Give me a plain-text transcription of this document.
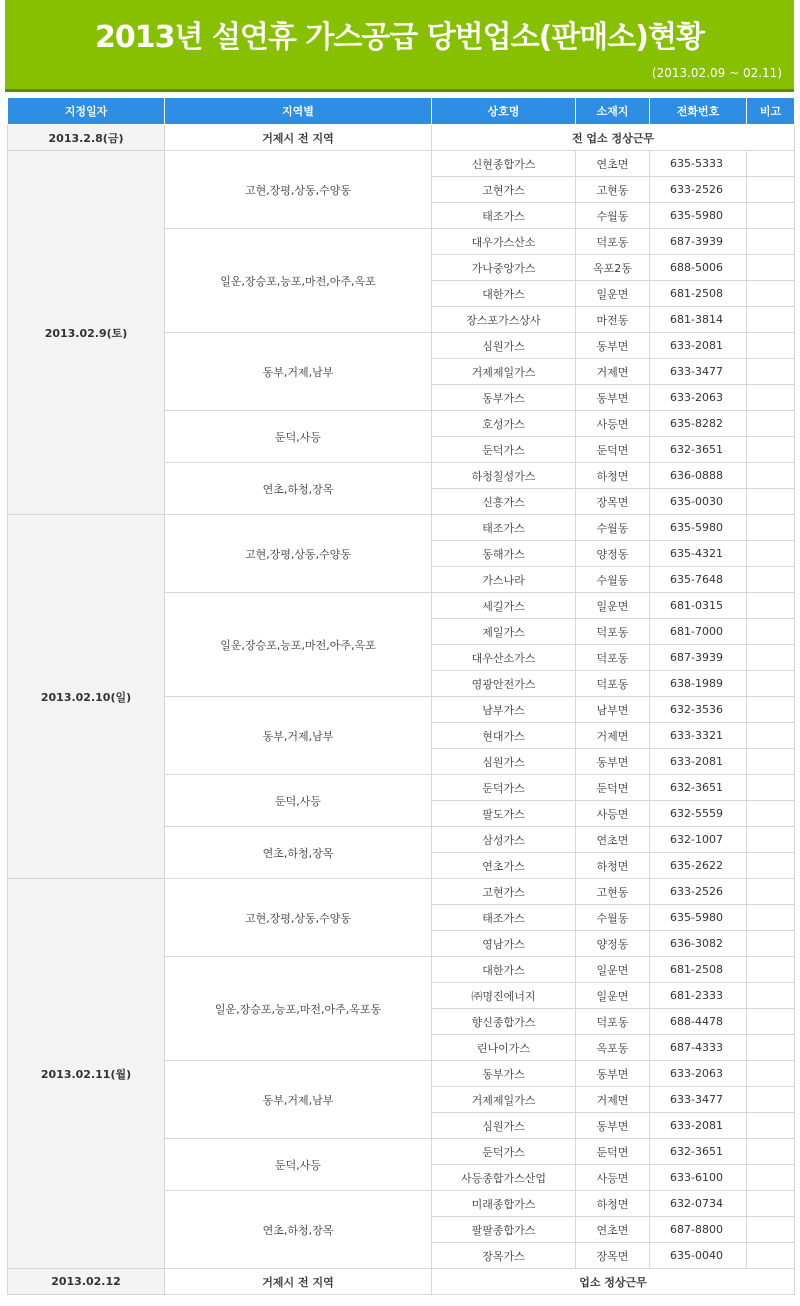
2013년 설연휴 가스공급 당번업소(판매소)현황
(2013.02.09 ~ 02.11)
지정일자	지역별	상호명	소재지	전화번호	비고
2013.2.8(금)	거제시 전 지역	전 업소 정상근무			
2013.02.9(토)	고현,장평,상동,수양동	신현종합가스	연초면	635-5333	
		고현가스	고현동	633-2526	
		태조가스	수월동	635-5980	
	일운,장승포,능포,마전,아주,옥포	대우가스산소	덕포동	687-3939	
		가나중앙가스	옥포2동	688-5006	
		대한가스	일운면	681-2508	
		장스포가스상사	마전동	681-3814	
	동부,거제,남부	심원가스	동부면	633-2081	
		거제제일가스	거제면	633-3477	
		동부가스	동부면	633-2063	
	둔덕,사등	호성가스	사등면	635-8282	
		둔덕가스	둔덕면	632-3651	
	연초,하청,장목	하청칠성가스	하청면	636-0888	
		신흥가스	장목면	635-0030	
2013.02.10(일)	고현,장평,상동,수양동	태조가스	수월동	635-5980	
		동해가스	양정동	635-4321	
		가스나라	수월동	635-7648	
	일운,장승포,능포,마전,아주,옥포	세길가스	일운면	681-0315	
		제일가스	덕포동	681-7000	
		대우산소가스	덕포동	687-3939	
		영광안전가스	덕포동	638-1989	
	동부,거제,남부	남부가스	남부면	632-3536	
		현대가스	거제면	633-3321	
		심원가스	동부면	633-2081	
	둔덕,사등	둔덕가스	둔덕면	632-3651	
		팔도가스	사등면	632-5559	
	연초,하청,장목	삼성가스	연초면	632-1007	
		연초가스	하청면	635-2622	
2013.02.11(월)	고현,장평,상동,수양동	고현가스	고현동	633-2526	
		태조가스	수월동	635-5980	
		영남가스	양정동	636-3082	
	일운,장승포,능포,마전,아주,옥포동	대한가스	일운면	681-2508	
		㈜명진에너지	일운면	681-2333	
		향신종합가스	덕포동	688-4478	
		린나이가스	옥포동	687-4333	
	동부,거제,남부	동부가스	동부면	633-2063	
		거제제일가스	거제면	633-3477	
		심원가스	동부면	633-2081	
	둔덕,사등	둔덕가스	둔덕면	632-3651	
		사등종합가스산업	사등면	633-6100	
	연초,하청,장목	미래종합가스	하청면	632-0734	
		팔팔종합가스	연초면	687-8800	
		장목가스	장목면	635-0040	
2013.02.12	거제시 전 지역	업소 정상근무			
